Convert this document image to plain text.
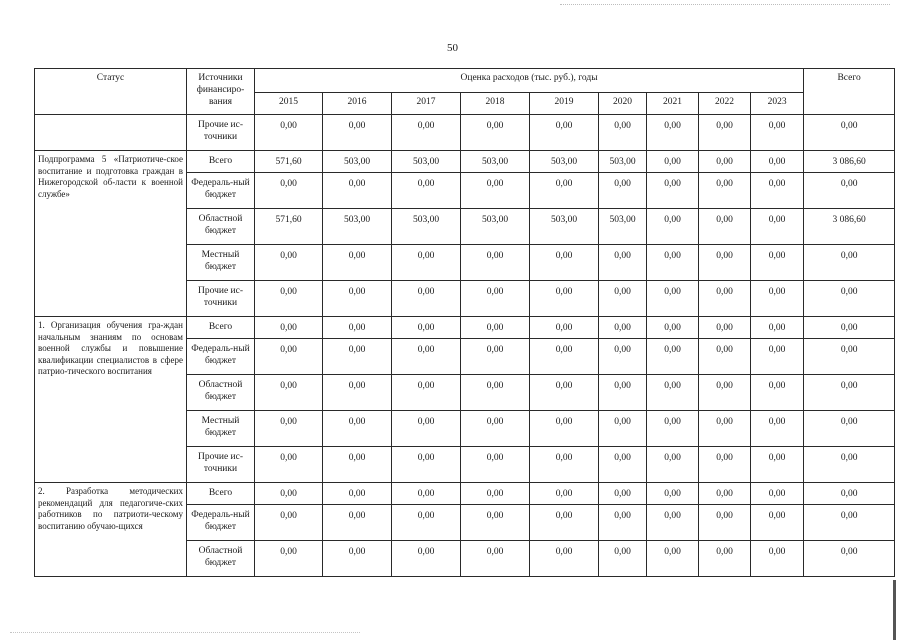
50
Статус	Источники финансиро-вания	Оценка расходов (тыс. руб.), годы									Всего
		2015	2016	2017	2018	2019	2020	2021	2022	2023	
	Прочие ис-точники	0,00	0,00	0,00	0,00	0,00	0,00	0,00	0,00	0,00	0,00
Подпрограмма 5 «Патриотиче-ское воспитание и подготовка граждан в Нижегородской об-ласти к военной службе»	Всего	571,60	503,00	503,00	503,00	503,00	503,00	0,00	0,00	0,00	3 086,60
	Федераль-ный бюджет	0,00	0,00	0,00	0,00	0,00	0,00	0,00	0,00	0,00	0,00
	Областной бюджет	571,60	503,00	503,00	503,00	503,00	503,00	0,00	0,00	0,00	3 086,60
	Местный бюджет	0,00	0,00	0,00	0,00	0,00	0,00	0,00	0,00	0,00	0,00
	Прочие ис-точники	0,00	0,00	0,00	0,00	0,00	0,00	0,00	0,00	0,00	0,00
1. Организация обучения гра-ждан начальным знаниям по основам военной службы и повышение квалификации специалистов в сфере патрио-тического воспитания	Всего	0,00	0,00	0,00	0,00	0,00	0,00	0,00	0,00	0,00	0,00
	Федераль-ный бюджет	0,00	0,00	0,00	0,00	0,00	0,00	0,00	0,00	0,00	0,00
	Областной бюджет	0,00	0,00	0,00	0,00	0,00	0,00	0,00	0,00	0,00	0,00
	Местный бюджет	0,00	0,00	0,00	0,00	0,00	0,00	0,00	0,00	0,00	0,00
	Прочие ис-точники	0,00	0,00	0,00	0,00	0,00	0,00	0,00	0,00	0,00	0,00
2. Разработка методических рекомендаций для педагогиче-ских работников по патриоти-ческому воспитанию обучаю-щихся	Всего	0,00	0,00	0,00	0,00	0,00	0,00	0,00	0,00	0,00	0,00
	Федераль-ный бюджет	0,00	0,00	0,00	0,00	0,00	0,00	0,00	0,00	0,00	0,00
	Областной бюджет	0,00	0,00	0,00	0,00	0,00	0,00	0,00	0,00	0,00	0,00
